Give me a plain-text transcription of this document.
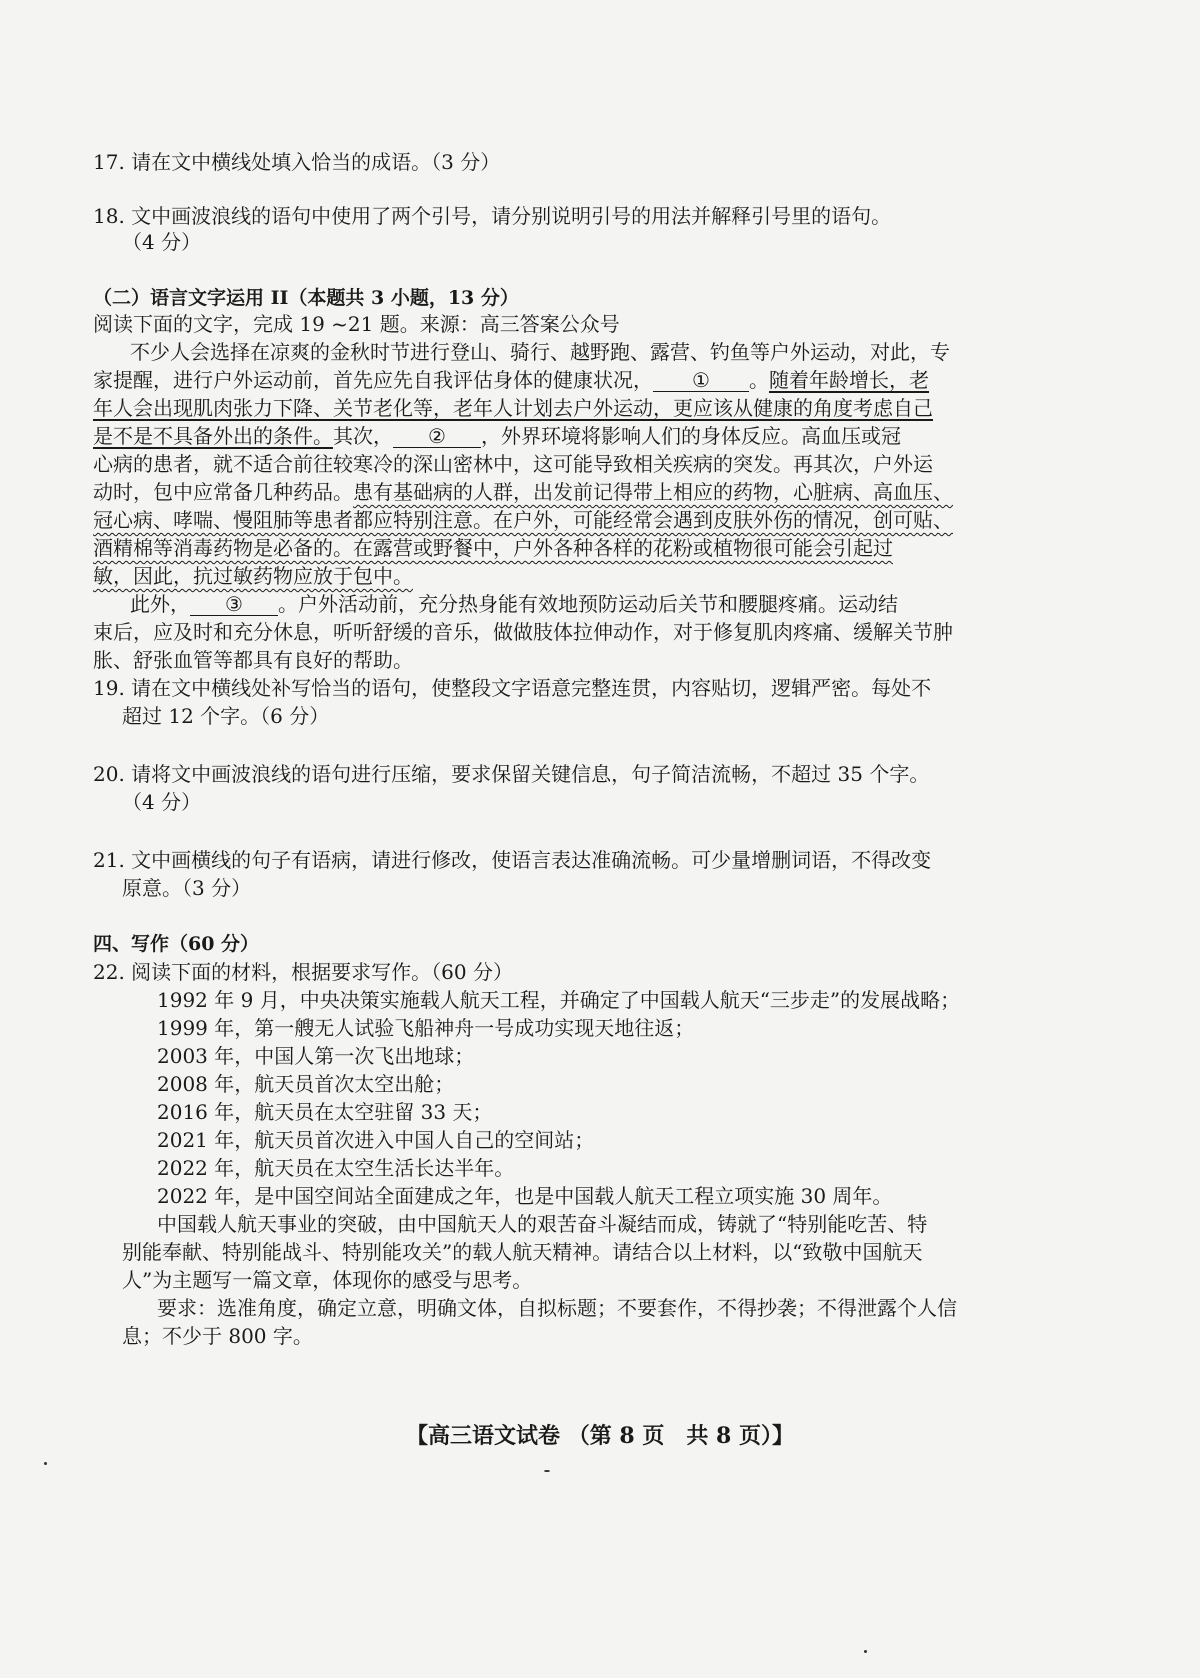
17. 请在文中横线处填入恰当的成语。（3 分）
18. 文中画波浪线的语句中使用了两个引号，请分别说明引号的用法并解释引号里的语句。
（4 分）
（二）语言文字运用 II（本题共 3 小题，13 分）
阅读下面的文字，完成 19 ~21 题。来源：高三答案公众号
不少人会选择在凉爽的金秋时节进行登山、骑行、越野跑、露营、钓鱼等户外运动，对此，专
家提醒，进行户外运动前，首先应先自我评估身体的健康状况， ① 。随着年龄增长，老
年人会出现肌肉张力下降、关节老化等，老年人计划去户外运动，更应该从健康的角度考虑自己
是不是不具备外出的条件。其次， ② ，外界环境将影响人们的身体反应。高血压或冠
心病的患者，就不适合前往较寒冷的深山密林中，这可能导致相关疾病的突发。再其次，户外运
动时，包中应常备几种药品。患有基础病的人群，出发前记得带上相应的药物，心脏病、高血压、
冠心病、哮喘、慢阻肺等患者都应特别注意。在户外，可能经常会遇到皮肤外伤的情况，创可贴、
酒精棉等消毒药物是必备的。在露营或野餐中，户外各种各样的花粉或植物很可能会引起过
敏，因此，抗过敏药物应放于包中。
此外， ③ 。户外活动前，充分热身能有效地预防运动后关节和腰腿疼痛。运动结
束后，应及时和充分休息，听听舒缓的音乐，做做肢体拉伸动作，对于修复肌肉疼痛、缓解关节肿
胀、舒张血管等都具有良好的帮助。
19. 请在文中横线处补写恰当的语句，使整段文字语意完整连贯，内容贴切，逻辑严密。每处不
超过 12 个字。（6 分）
20. 请将文中画波浪线的语句进行压缩，要求保留关键信息，句子简洁流畅，不超过 35 个字。
（4 分）
21. 文中画横线的句子有语病，请进行修改，使语言表达准确流畅。可少量增删词语，不得改变
原意。（3 分）
四、写作（60 分）
22. 阅读下面的材料，根据要求写作。（60 分）
1992 年 9 月，中央决策实施载人航天工程，并确定了中国载人航天“三步走”的发展战略；
1999 年，第一艘无人试验飞船神舟一号成功实现天地往返；
2003 年，中国人第一次飞出地球；
2008 年，航天员首次太空出舱；
2016 年，航天员在太空驻留 33 天；
2021 年，航天员首次进入中国人自己的空间站；
2022 年，航天员在太空生活长达半年。
2022 年，是中国空间站全面建成之年，也是中国载人航天工程立项实施 30 周年。
中国载人航天事业的突破，由中国航天人的艰苦奋斗凝结而成，铸就了“特别能吃苦、特
别能奉献、特别能战斗、特别能攻关”的载人航天精神。请结合以上材料，以“致敬中国航天
人”为主题写一篇文章，体现你的感受与思考。
要求：选准角度，确定立意，明确文体，自拟标题；不要套作，不得抄袭；不得泄露个人信
息；不少于 800 字。
【高三语文试卷 （第 8 页　共 8 页）】
